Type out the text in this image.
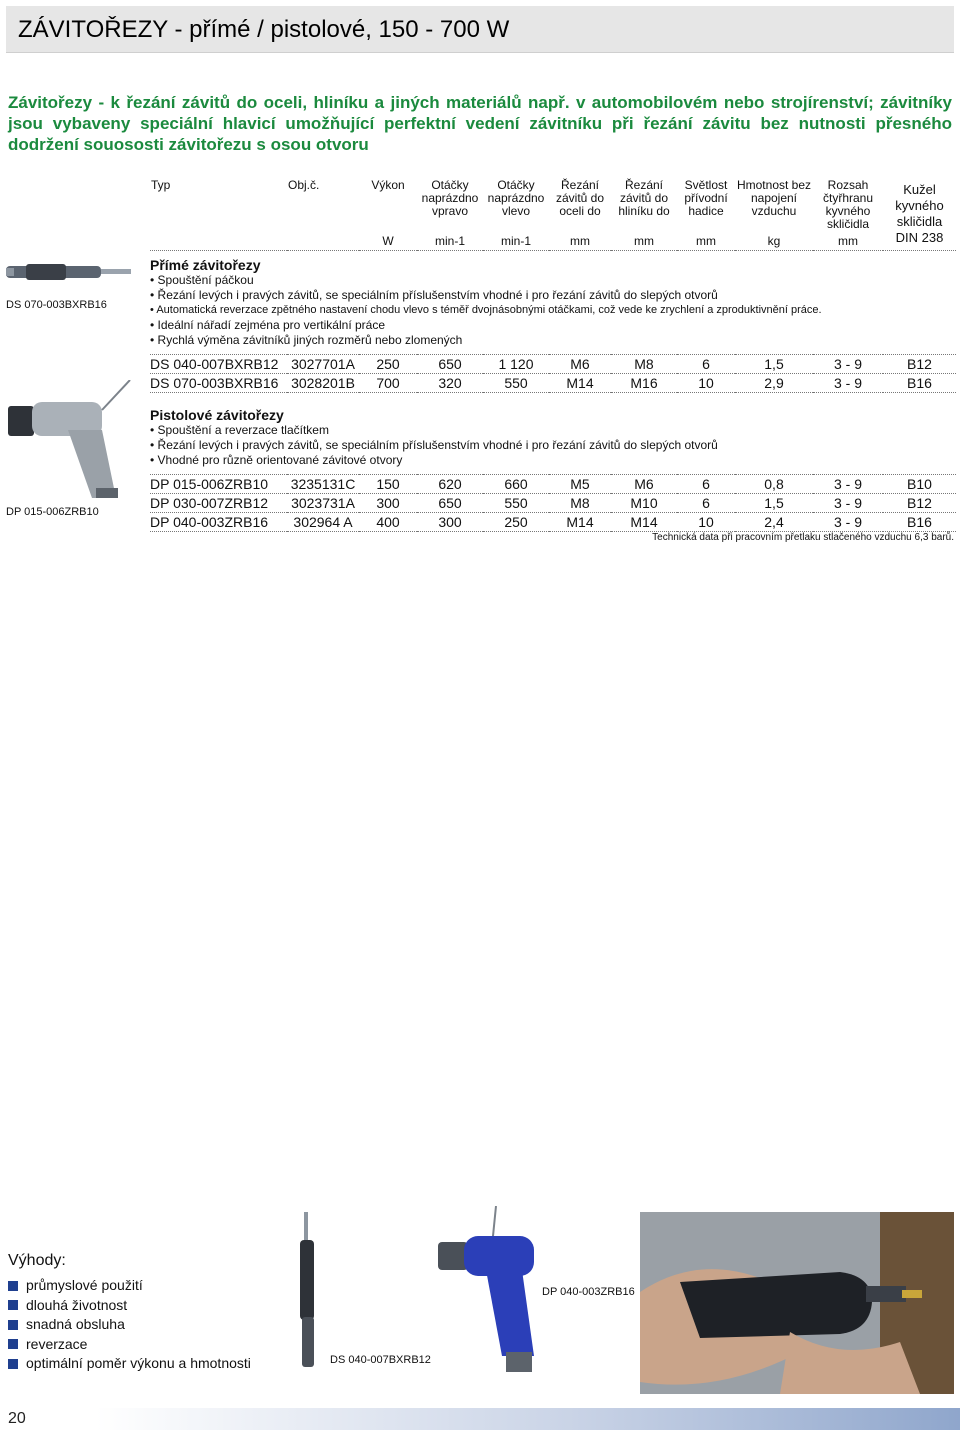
ZÁVITOŘEZY - přímé / pistolové, 150 - 700 W
Závitořezy - k řezání závitů do oceli, hliníku a jiných materiálů např. v automobilovém nebo strojírenství; závitníky jsou vybaveny speciální hlavicí umožňující perfektní vedení závitníku při řezání závitu bez nutnosti přesného dodržení souososti závitořezu s osou otvoru
DS 070-003BXRB16
DP 015-006ZRB10
Typ	Obj.č.	Výkon	Otáčky naprázdno vpravo	Otáčky naprázdno vlevo	Řezání závitů do oceli do	Řezání závitů do hliníku do	Světlost přívodní hadice	Hmotnost bez napojení vzduchu	Rozsah čtyřhranu kyvného skličidla	Kužel kyvného skličidla DIN 238
		W	min-1	min-1	mm	mm	mm	kg	mm	
Přímé závitořezy										
• Spouštění páčkou
• Řezání levých i pravých závitů, se speciálním příslušenstvím vhodné i pro řezání závitů do slepých otvorů
• Automatická reverzace zpětného nastavení chodu vlevo s téměř dvojnásobnými otáčkami, což vede ke zrychlení a zproduktivnění práce.
• Ideální nářadí zejména pro vertikální práce
• Rychlá výměna závitníků jiných rozměrů nebo zlomených
DS 040-007BXRB12	3027701A	250	650	1 120	M6	M8	6	1,5	3 - 9	B12
DS 070-003BXRB16	3028201B	700	320	550	M14	M16	10	2,9	3 - 9	B16
Pistolové závitořezy										
• Spouštění a reverzace tlačítkem
• Řezání levých i pravých závitů, se speciálním příslušenstvím vhodné i pro řezání závitů do slepých otvorů
• Vhodné pro různě orientované závitové otvory
DP 015-006ZRB10	3235131C	150	620	660	M5	M6	6	0,8	3 - 9	B10
DP 030-007ZRB12	3023731A	300	650	550	M8	M10	6	1,5	3 - 9	B12
DP 040-003ZRB16	302964 A	400	300	250	M14	M14	10	2,4	3 - 9	B16
Technická data při pracovním přetlaku stlačeného vzduchu 6,3 barů.
Výhody:
průmyslové použití
dlouhá životnost
snadná obsluha
reverzace
optimální poměr výkonu a hmotnosti	DS 040-007BXRB12
DP 040-003ZRB16
20
